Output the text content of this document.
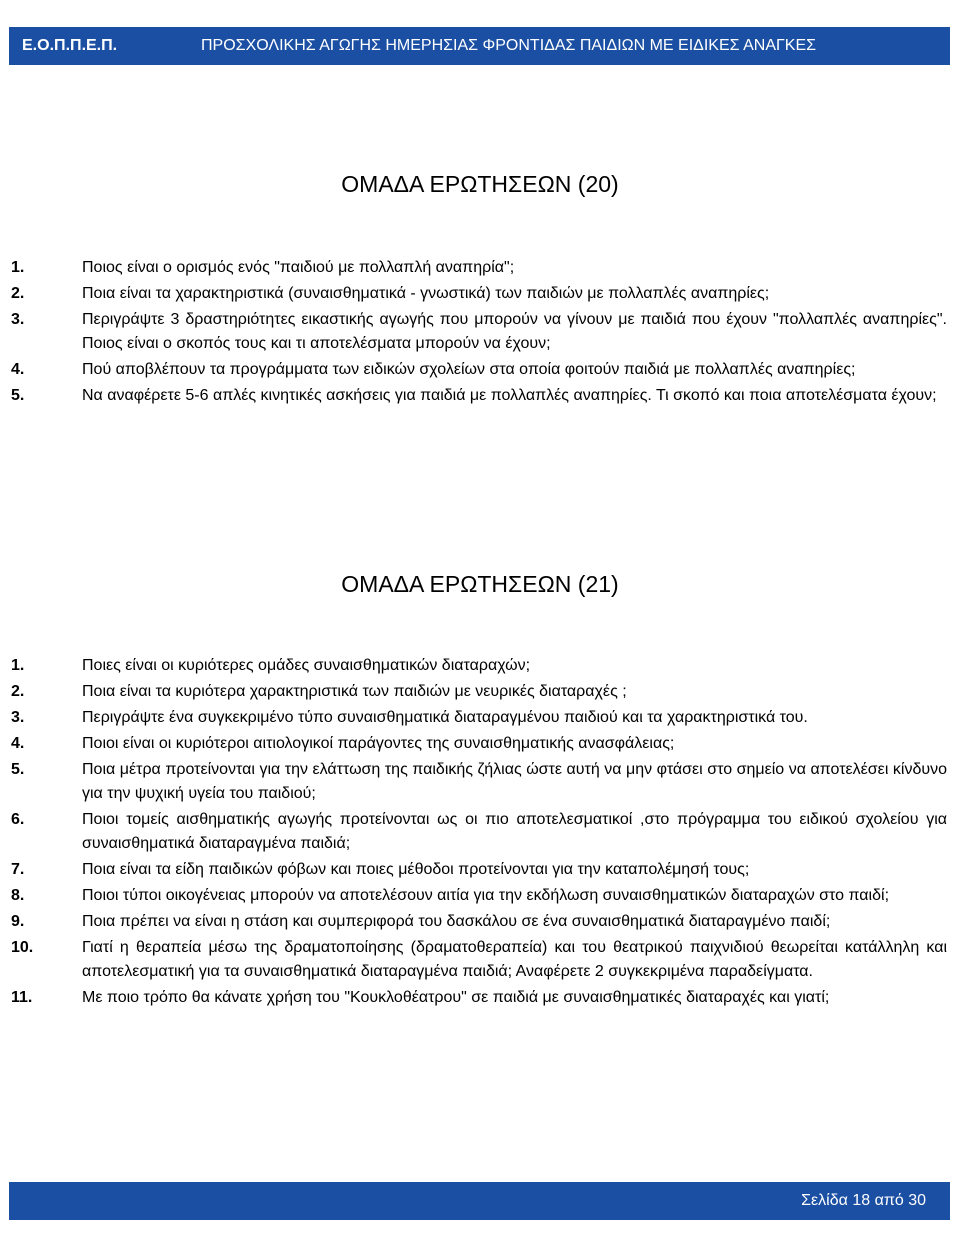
Ε.Ο.Π.Π.Ε.Π.	ΠΡΟΣΧΟΛΙΚΗΣ ΑΓΩΓΗΣ ΗΜΕΡΗΣΙΑΣ ΦΡΟΝΤΙΔΑΣ ΠΑΙΔΙΩΝ ΜΕ ΕΙΔΙΚΕΣ ΑΝΑΓΚΕΣ
ΟΜΑΔΑ ΕΡΩΤΗΣΕΩΝ (20)
1.	Ποιος είναι ο ορισμός ενός "παιδιού με πολλαπλή αναπηρία";
2.	Ποια είναι τα χαρακτηριστικά (συναισθηματικά - γνωστικά) των παιδιών με πολλαπλές αναπηρίες;
3.	Περιγράψτε 3 δραστηριότητες εικαστικής αγωγής που μπορούν να γίνουν με παιδιά που έχουν "πολλαπλές αναπηρίες". Ποιος είναι ο σκοπός τους και τι αποτελέσματα μπορούν να έχουν;
4.	Πού αποβλέπουν τα προγράμματα των ειδικών σχολείων στα οποία φοιτούν παιδιά με πολλαπλές αναπηρίες;
5.	Να αναφέρετε 5-6 απλές κινητικές ασκήσεις για παιδιά με πολλαπλές αναπηρίες. Τι σκοπό και ποια αποτελέσματα έχουν;
ΟΜΑΔΑ ΕΡΩΤΗΣΕΩΝ (21)
1.	Ποιες είναι οι κυριότερες ομάδες συναισθηματικών διαταραχών;
2.	Ποια είναι τα κυριότερα χαρακτηριστικά των παιδιών με νευρικές διαταραχές ;
3.	Περιγράψτε ένα συγκεκριμένο τύπο συναισθηματικά διαταραγμένου παιδιού και τα χαρακτηριστικά του.
4.	Ποιοι είναι οι κυριότεροι αιτιολογικοί παράγοντες της συναισθηματικής ανασφάλειας;
5.	Ποια μέτρα προτείνονται για την ελάττωση της παιδικής ζήλιας ώστε αυτή να μην φτάσει στο σημείο να αποτελέσει κίνδυνο για την ψυχική υγεία του παιδιού;
6.	Ποιοι τομείς αισθηματικής αγωγής προτείνονται ως οι πιο αποτελεσματικοί ,στο πρόγραμμα του ειδικού σχολείου για συναισθηματικά διαταραγμένα παιδιά;
7.	Ποια είναι τα είδη παιδικών φόβων και ποιες μέθοδοι προτείνονται για την καταπολέμησή τους;
8.	Ποιοι τύποι οικογένειας μπορούν να αποτελέσουν αιτία για την εκδήλωση συναισθηματικών διαταραχών στο παιδί;
9.	Ποια πρέπει να είναι η στάση και συμπεριφορά του δασκάλου σε ένα συναισθηματικά διαταραγμένο παιδί;
10.	Γιατί η θεραπεία μέσω της δραματοποίησης (δραματοθεραπεία) και του θεατρικού παιχνιδιού θεωρείται κατάλληλη και αποτελεσματική για τα συναισθηματικά διαταραγμένα παιδιά; Αναφέρετε 2 συγκεκριμένα παραδείγματα.
11.	Με ποιο τρόπο θα κάνατε χρήση του "Κουκλοθέατρου" σε παιδιά με συναισθηματικές διαταραχές και γιατί;
Σελίδα 18 από 30
